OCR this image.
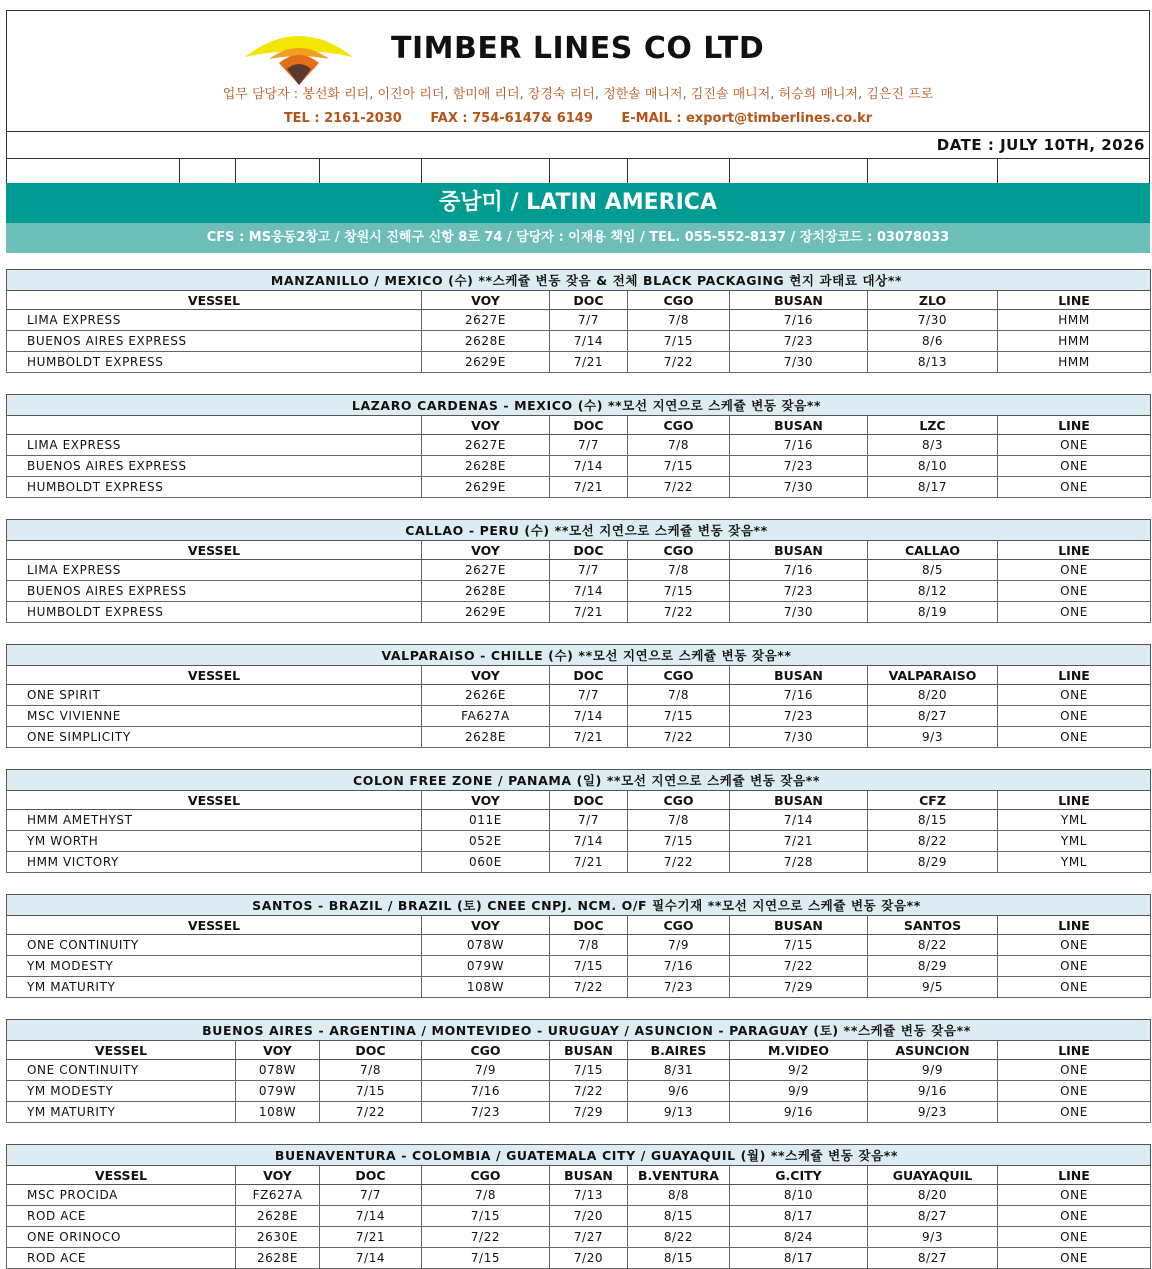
TIMBER LINES CO LTD
업무 담당자 : 봉선화 리더, 이진아 리더, 함미애 리더, 장경숙 리더, 정한솔 매니저, 김진솔 매니저, 허승희 매니저, 김은진 프로
TEL : 2161-2030 FAX : 754-6147& 6149 E-MAIL : export@timberlines.co.kr
DATE : JULY 10TH, 2026
중남미 / LATIN AMERICA
CFS : MS웅동2창고 / 창원시 진해구 신항 8로 74 / 담당자 : 이재용 책임 / TEL. 055-552-8137 / 장치장코드 : 03078033
MANZANILLO / MEXICO (수) **스케쥴 변동 잦음 & 전체 BLACK PACKAGING 현지 과태료 대상**						
VESSEL	VOY	DOC	CGO	BUSAN	ZLO	LINE
LIMA EXPRESS	2627E	7/7	7/8	7/16	7/30	HMM
BUENOS AIRES EXPRESS	2628E	7/14	7/15	7/23	8/6	HMM
HUMBOLDT EXPRESS	2629E	7/21	7/22	7/30	8/13	HMM
LAZARO CARDENAS - MEXICO (수) **모선 지연으로 스케쥴 변동 잦음**						
	VOY	DOC	CGO	BUSAN	LZC	LINE
LIMA EXPRESS	2627E	7/7	7/8	7/16	8/3	ONE
BUENOS AIRES EXPRESS	2628E	7/14	7/15	7/23	8/10	ONE
HUMBOLDT EXPRESS	2629E	7/21	7/22	7/30	8/17	ONE
CALLAO - PERU (수) **모선 지연으로 스케쥴 변동 잦음**						
VESSEL	VOY	DOC	CGO	BUSAN	CALLAO	LINE
LIMA EXPRESS	2627E	7/7	7/8	7/16	8/5	ONE
BUENOS AIRES EXPRESS	2628E	7/14	7/15	7/23	8/12	ONE
HUMBOLDT EXPRESS	2629E	7/21	7/22	7/30	8/19	ONE
VALPARAISO - CHILLE (수) **모선 지연으로 스케쥴 변동 잦음**						
VESSEL	VOY	DOC	CGO	BUSAN	VALPARAISO	LINE
ONE SPIRIT	2626E	7/7	7/8	7/16	8/20	ONE
MSC VIVIENNE	FA627A	7/14	7/15	7/23	8/27	ONE
ONE SIMPLICITY	2628E	7/21	7/22	7/30	9/3	ONE
COLON FREE ZONE / PANAMA (일) **모선 지연으로 스케쥴 변동 잦음**						
VESSEL	VOY	DOC	CGO	BUSAN	CFZ	LINE
HMM AMETHYST	011E	7/7	7/8	7/14	8/15	YML
YM WORTH	052E	7/14	7/15	7/21	8/22	YML
HMM VICTORY	060E	7/21	7/22	7/28	8/29	YML
SANTOS - BRAZIL / BRAZIL (토) CNEE CNPJ. NCM. O/F 필수기재 **모선 지연으로 스케쥴 변동 잦음**						
VESSEL	VOY	DOC	CGO	BUSAN	SANTOS	LINE
ONE CONTINUITY	078W	7/8	7/9	7/15	8/22	ONE
YM MODESTY	079W	7/15	7/16	7/22	8/29	ONE
YM MATURITY	108W	7/22	7/23	7/29	9/5	ONE
BUENOS AIRES - ARGENTINA / MONTEVIDEO - URUGUAY / ASUNCION - PARAGUAY (토) **스케쥴 변동 잦음**								
VESSEL	VOY	DOC	CGO	BUSAN	B.AIRES	M.VIDEO	ASUNCION	LINE
ONE CONTINUITY	078W	7/8	7/9	7/15	8/31	9/2	9/9	ONE
YM MODESTY	079W	7/15	7/16	7/22	9/6	9/9	9/16	ONE
YM MATURITY	108W	7/22	7/23	7/29	9/13	9/16	9/23	ONE
BUENAVENTURA - COLOMBIA / GUATEMALA CITY / GUAYAQUIL (월) **스케쥴 변동 잦음**								
VESSEL	VOY	DOC	CGO	BUSAN	B.VENTURA	G.CITY	GUAYAQUIL	LINE
MSC PROCIDA	FZ627A	7/7	7/8	7/13	8/8	8/10	8/20	ONE
ROD ACE	2628E	7/14	7/15	7/20	8/15	8/17	8/27	ONE
ONE ORINOCO	2630E	7/21	7/22	7/27	8/22	8/24	9/3	ONE
ROD ACE	2628E	7/14	7/15	7/20	8/15	8/17	8/27	ONE
